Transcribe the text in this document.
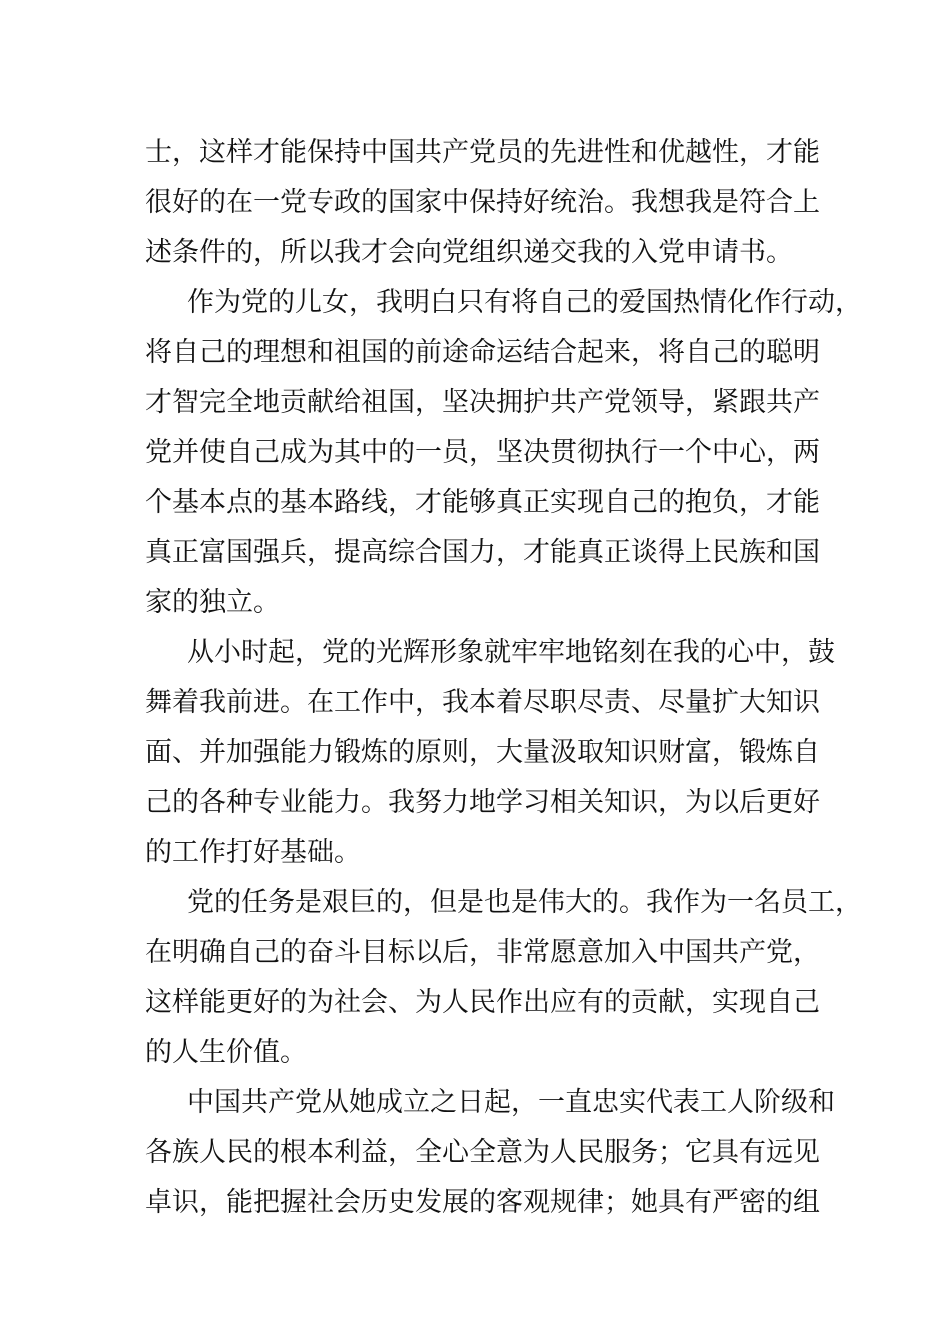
士，这样才能保持中国共产党员的先进性和优越性，才能
很好的在一党专政的国家中保持好统治。我想我是符合上
述条件的，所以我才会向党组织递交我的入党申请书。
作为党的儿女，我明白只有将自己的爱国热情化作行动，
将自己的理想和祖国的前途命运结合起来，将自己的聪明
才智完全地贡献给祖国，坚决拥护共产党领导，紧跟共产
党并使自己成为其中的一员，坚决贯彻执行一个中心，两
个基本点的基本路线，才能够真正实现自己的抱负，才能
真正富国强兵，提高综合国力，才能真正谈得上民族和国
家的独立。
从小时起，党的光辉形象就牢牢地铭刻在我的心中，鼓
舞着我前进。在工作中，我本着尽职尽责、尽量扩大知识
面、并加强能力锻炼的原则，大量汲取知识财富，锻炼自
己的各种专业能力。我努力地学习相关知识，为以后更好
的工作打好基础。
党的任务是艰巨的，但是也是伟大的。我作为一名员工，
在明确自己的奋斗目标以后，非常愿意加入中国共产党，
这样能更好的为社会、为人民作出应有的贡献，实现自己
的人生价值。
中国共产党从她成立之日起，一直忠实代表工人阶级和
各族人民的根本利益，全心全意为人民服务；它具有远见
卓识，能把握社会历史发展的客观规律；她具有严密的组
